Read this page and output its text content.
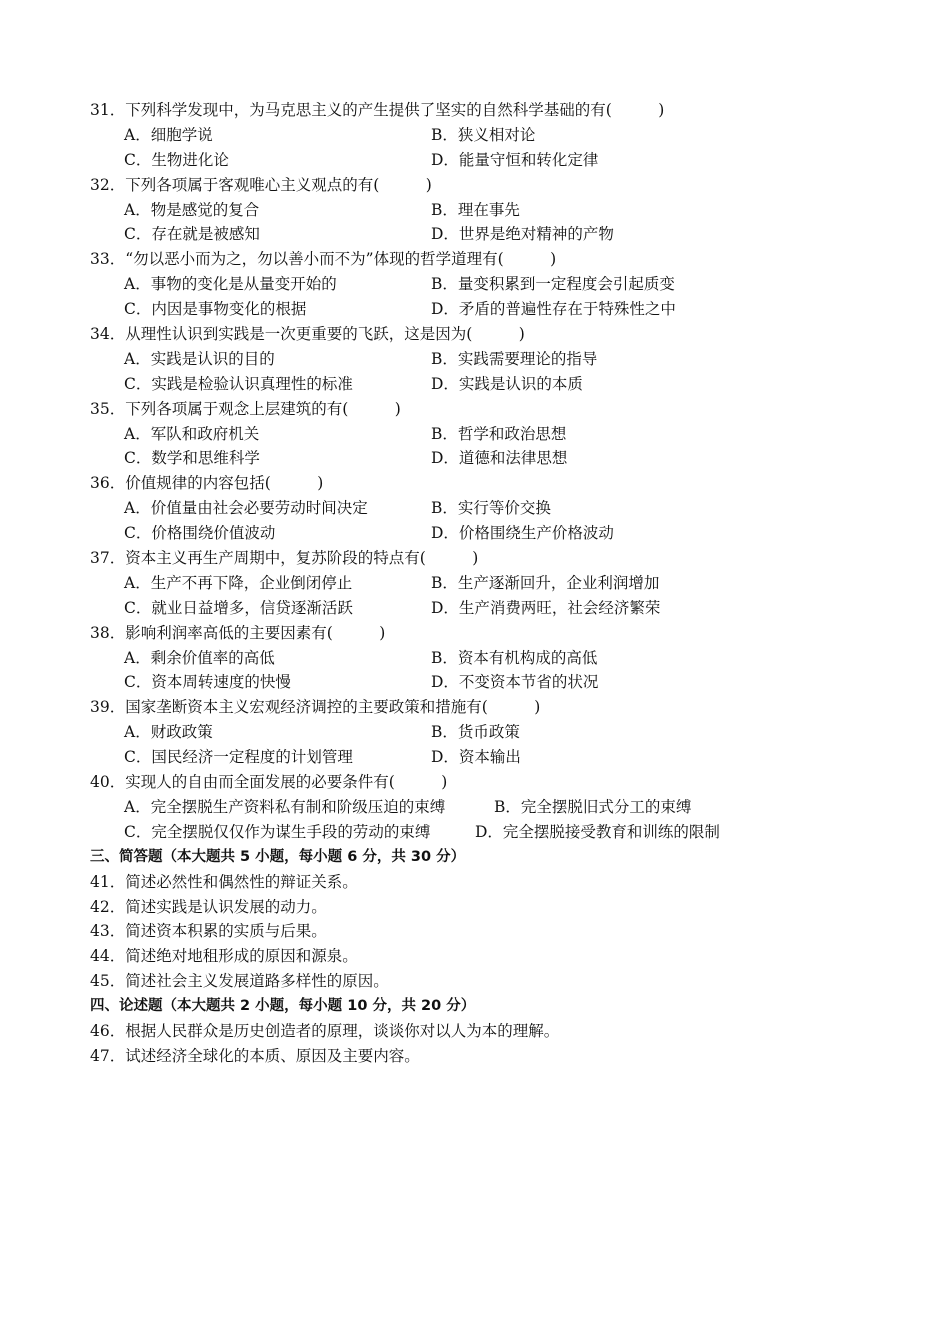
31．下列科学发现中，为马克思主义的产生提供了坚实的自然科学基础的有(　　　)
A．细胞学说	B．狭义相对论
C．生物进化论	D．能量守恒和转化定律
32．下列各项属于客观唯心主义观点的有(　　　)
A．物是感觉的复合	B．理在事先
C．存在就是被感知	D．世界是绝对精神的产物
33．“勿以恶小而为之，勿以善小而不为”体现的哲学道理有(　　　)
A．事物的变化是从量变开始的	B．量变积累到一定程度会引起质变
C．内因是事物变化的根据	D．矛盾的普遍性存在于特殊性之中
34．从理性认识到实践是一次更重要的飞跃，这是因为(　　　)
A．实践是认识的目的	B．实践需要理论的指导
C．实践是检验认识真理性的标准	D．实践是认识的本质
35．下列各项属于观念上层建筑的有(　　　)
A．军队和政府机关	B．哲学和政治思想
C．数学和思维科学	D．道德和法律思想
36．价值规律的内容包括(　　　)
A．价值量由社会必要劳动时间决定	B．实行等价交换
C．价格围绕价值波动	D．价格围绕生产价格波动
37．资本主义再生产周期中，复苏阶段的特点有(　　　)
A．生产不再下降，企业倒闭停止	B．生产逐渐回升，企业利润增加
C．就业日益增多，信贷逐渐活跃	D．生产消费两旺，社会经济繁荣
38．影响利润率高低的主要因素有(　　　)
A．剩余价值率的高低	B．资本有机构成的高低
C．资本周转速度的快慢	D．不变资本节省的状况
39．国家垄断资本主义宏观经济调控的主要政策和措施有(　　　)
A．财政政策	B．货币政策
C．国民经济一定程度的计划管理	D．资本输出
40．实现人的自由而全面发展的必要条件有(　　　)
A．完全摆脱生产资料私有制和阶级压迫的束缚	B．完全摆脱旧式分工的束缚
C．完全摆脱仅仅作为谋生手段的劳动的束缚	D．完全摆脱接受教育和训练的限制
三、简答题（本大题共 5 小题，每小题 6 分，共 30 分）
41．简述必然性和偶然性的辩证关系。
42．简述实践是认识发展的动力。
43．简述资本积累的实质与后果。
44．简述绝对地租形成的原因和源泉。
45．简述社会主义发展道路多样性的原因。
四、论述题（本大题共 2 小题，每小题 10 分，共 20 分）
46．根据人民群众是历史创造者的原理，谈谈你对以人为本的理解。
47．试述经济全球化的本质、原因及主要内容。
